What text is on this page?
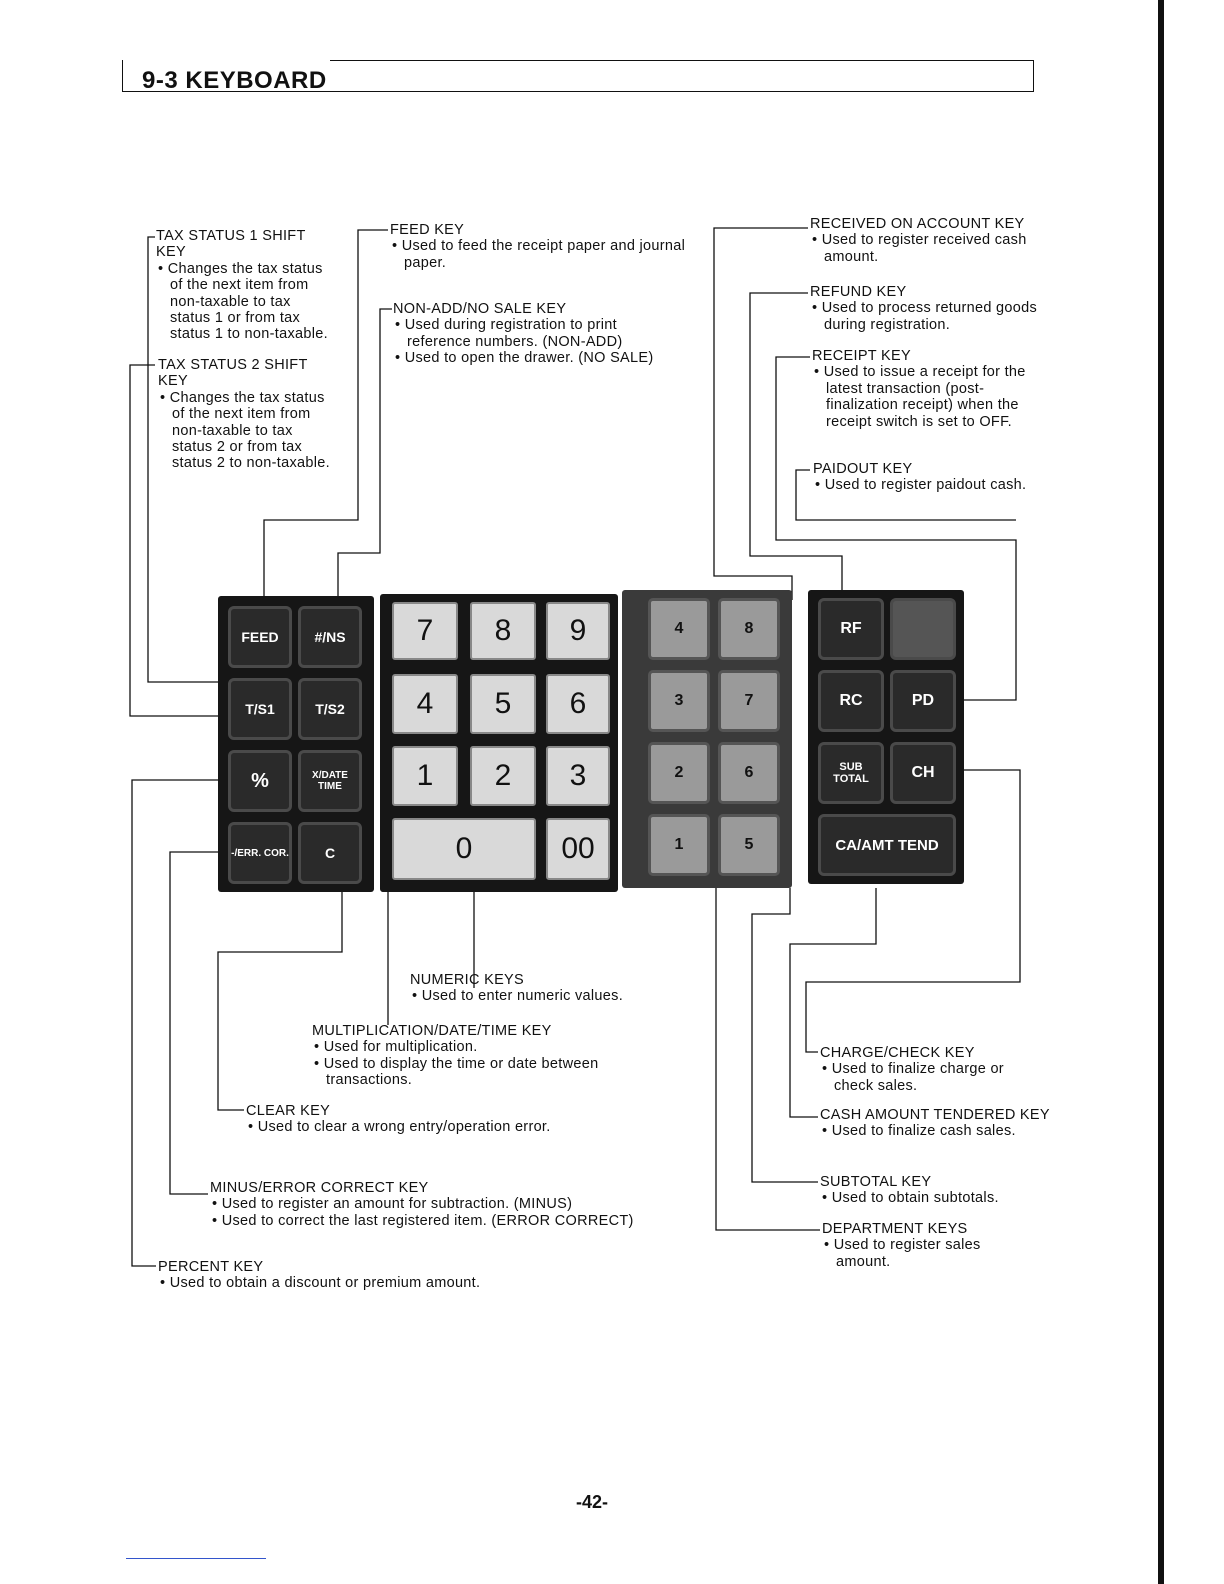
9-3 KEYBOARD
FEED	#/NS
T/S1	T/S2
%	X/DATE TIME
-/ERR. COR.	C
7	8	9
4	5	6
1	2	3
0	00
4	8
3	7
2	6
1	5
RF
RC	PD
SUB TOTAL	CH
CA/AMT TEND
TAX STATUS 1 SHIFT KEY
• Changes the tax status of the next item from non-taxable to tax status 1 or from tax status 1 to non-taxable.
TAX STATUS 2 SHIFT KEY
• Changes the tax status of the next item from non-taxable to tax status 2 or from tax status 2 to non-taxable.
FEED KEY
• Used to feed the receipt paper and journal paper.
NON-ADD/NO SALE KEY
• Used during registration to print reference numbers. (NON-ADD)
• Used to open the drawer. (NO SALE)
RECEIVED ON ACCOUNT KEY
• Used to register received cash amount.
REFUND KEY
• Used to process returned goods during registration.
RECEIPT KEY
• Used to issue a receipt for the latest transaction (post-finalization receipt) when the receipt switch is set to OFF.
PAIDOUT KEY
• Used to register paidout cash.
NUMERIC KEYS
• Used to enter numeric values.
MULTIPLICATION/DATE/TIME KEY
• Used for multiplication.
• Used to display the time or date between transactions.
CLEAR KEY
• Used to clear a wrong entry/operation error.
MINUS/ERROR CORRECT KEY
• Used to register an amount for subtraction. (MINUS)
• Used to correct the last registered item. (ERROR CORRECT)
PERCENT KEY
• Used to obtain a discount or premium amount.
CHARGE/CHECK KEY
• Used to finalize charge or check sales.
CASH AMOUNT TENDERED KEY
• Used to finalize cash sales.
SUBTOTAL KEY
• Used to obtain subtotals.
DEPARTMENT KEYS
• Used to register sales amount.
-42-
